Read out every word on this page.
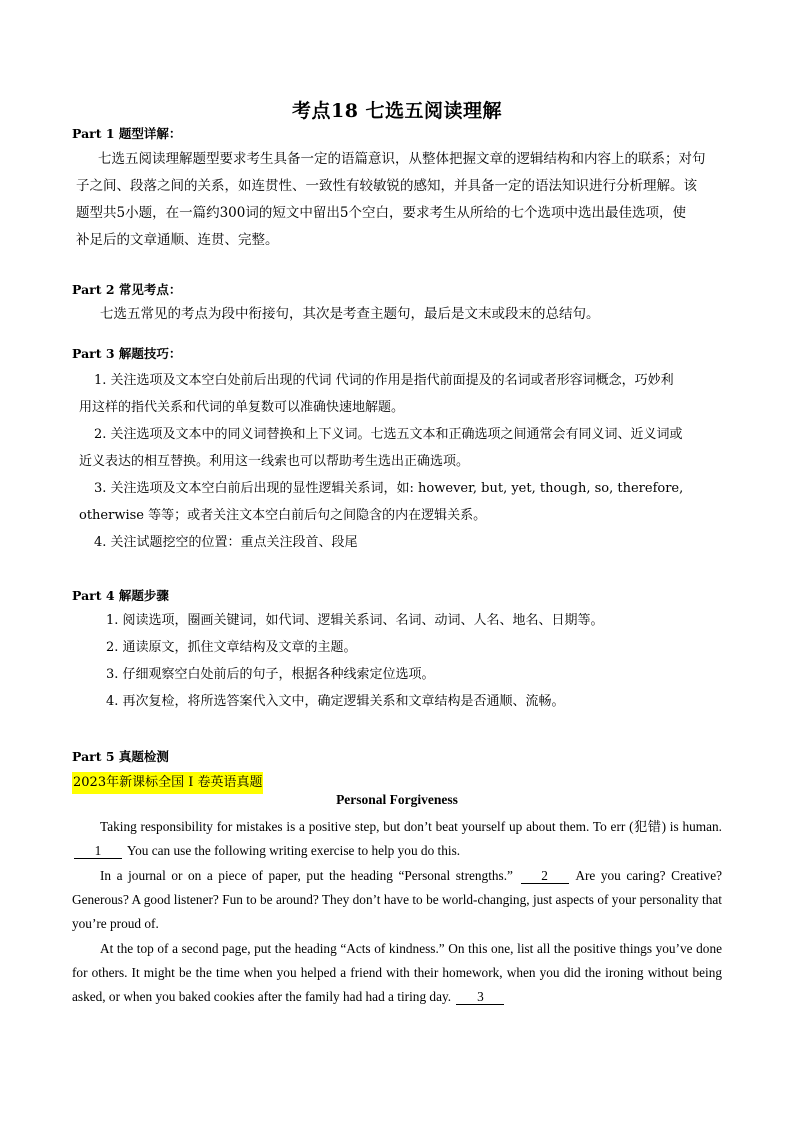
考点18 七选五阅读理解
Part 1 题型详解：
七选五阅读理解题型要求考生具备一定的语篇意识，从整体把握文章的逻辑结构和内容上的联系；对句
子之间、段落之间的关系，如连贯性、一致性有较敏锐的感知，并具备一定的语法知识进行分析理解。该
题型共5小题，在一篇约300词的短文中留出5个空白，要求考生从所给的七个选项中选出最佳选项，使
补足后的文章通顺、连贯、完整。
Part 2 常见考点：
七选五常见的考点为段中衔接句，其次是考查主题句，最后是文末或段末的总结句。
Part 3 解题技巧：
1. 关注选项及文本空白处前后出现的代词 代词的作用是指代前面提及的名词或者形容词概念，巧妙利
用这样的指代关系和代词的单复数可以准确快速地解题。
2. 关注选项及文本中的同义词替换和上下义词。七选五文本和正确选项之间通常会有同义词、近义词或
近义表达的相互替换。利用这一线索也可以帮助考生选出正确选项。
3. 关注选项及文本空白前后出现的显性逻辑关系词，如: however, but, yet, though, so, therefore,
otherwise 等等；或者关注文本空白前后句之间隐含的内在逻辑关系。
4. 关注试题挖空的位置：重点关注段首、段尾
Part 4 解题步骤
1. 阅读选项，圈画关键词，如代词、逻辑关系词、名词、动词、人名、地名、日期等。
2. 通读原文，抓住文章结构及文章的主题。
3. 仔细观察空白处前后的句子，根据各种线索定位选项。
4. 再次复检，将所选答案代入文中，确定逻辑关系和文章结构是否通顺、流畅。
Part 5 真题检测
2023年新课标全国 I 卷英语真题
Personal Forgiveness
Taking responsibility for mistakes is a positive step, but don’t beat yourself up about them. To err (犯错) is human. 1 You can use the following writing exercise to help you do this.
In a journal or on a piece of paper, put the heading “Personal strengths.” 2 Are you caring? Creative? Generous? A good listener? Fun to be around? They don’t have to be world-changing, just aspects of your personality that you’re proud of.
At the top of a second page, put the heading “Acts of kindness.” On this one, list all the positive things you’ve done for others. It might be the time when you helped a friend with their homework, when you did the ironing without being asked, or when you baked cookies after the family had had a tiring day. 3
